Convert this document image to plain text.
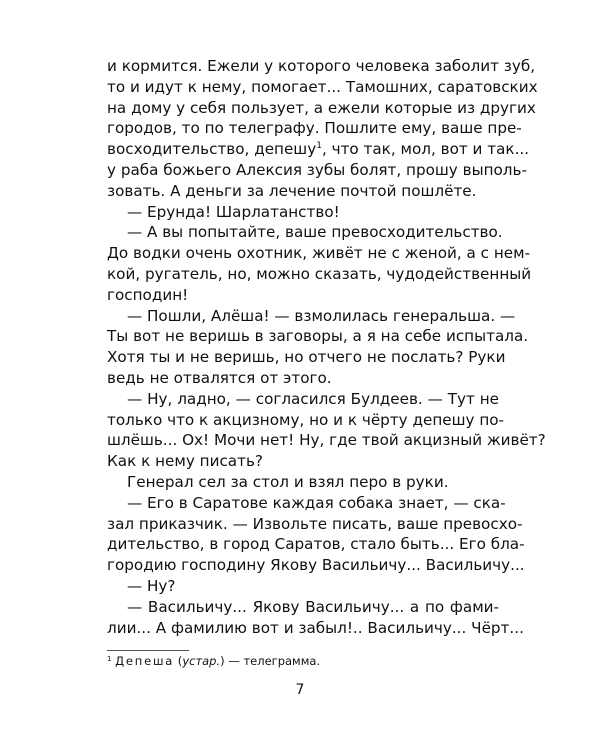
и кормится. Ежели у которого человека заболит зуб,
то и идут к нему, помогает... Тамошних, саратовских
на дому у себя пользует, а ежели которые из других
городов, то по телеграфу. Пошлите ему, ваше пре-
восходительство, депешу$^1$, что так, мол, вот и так...
у раба божьего Алексия зубы болят, прошу выполь-
зовать. А деньги за лечение почтой пошлёте.
— Ерунда! Шарлатанство!
— А вы попытайте, ваше превосходительство.
До водки очень охотник, живёт не с женой, а с нем-
кой, ругатель, но, можно сказать, чудодейственный
господин!
— Пошли, Алёша! — взмолилась генеральша. —
Ты вот не веришь в заговоры, а я на себе испытала.
Хотя ты и не веришь, но отчего не послать? Руки
ведь не отвалятся от этого.
— Ну, ладно, — согласился Булдеев. — Тут не
только что к акцизному, но и к чёрту депешу по-
шлёшь... Ох! Мочи нет! Ну, где твой акцизный живёт?
Как к нему писать?
Генерал сел за стол и взял перо в руки.
— Его в Саратове каждая собака знает, — ска-
зал приказчик. — Извольте писать, ваше превосхо-
дительство, в город Саратов, стало быть... Его бла-
городию господину Якову Васильичу... Васильичу...
— Ну?
— Васильичу... Якову Васильичу... а по фами-
лии... А фамилию вот и забыл!.. Васильичу... Чёрт...
$^1$ Депеша (устар.) — телеграмма.
7
